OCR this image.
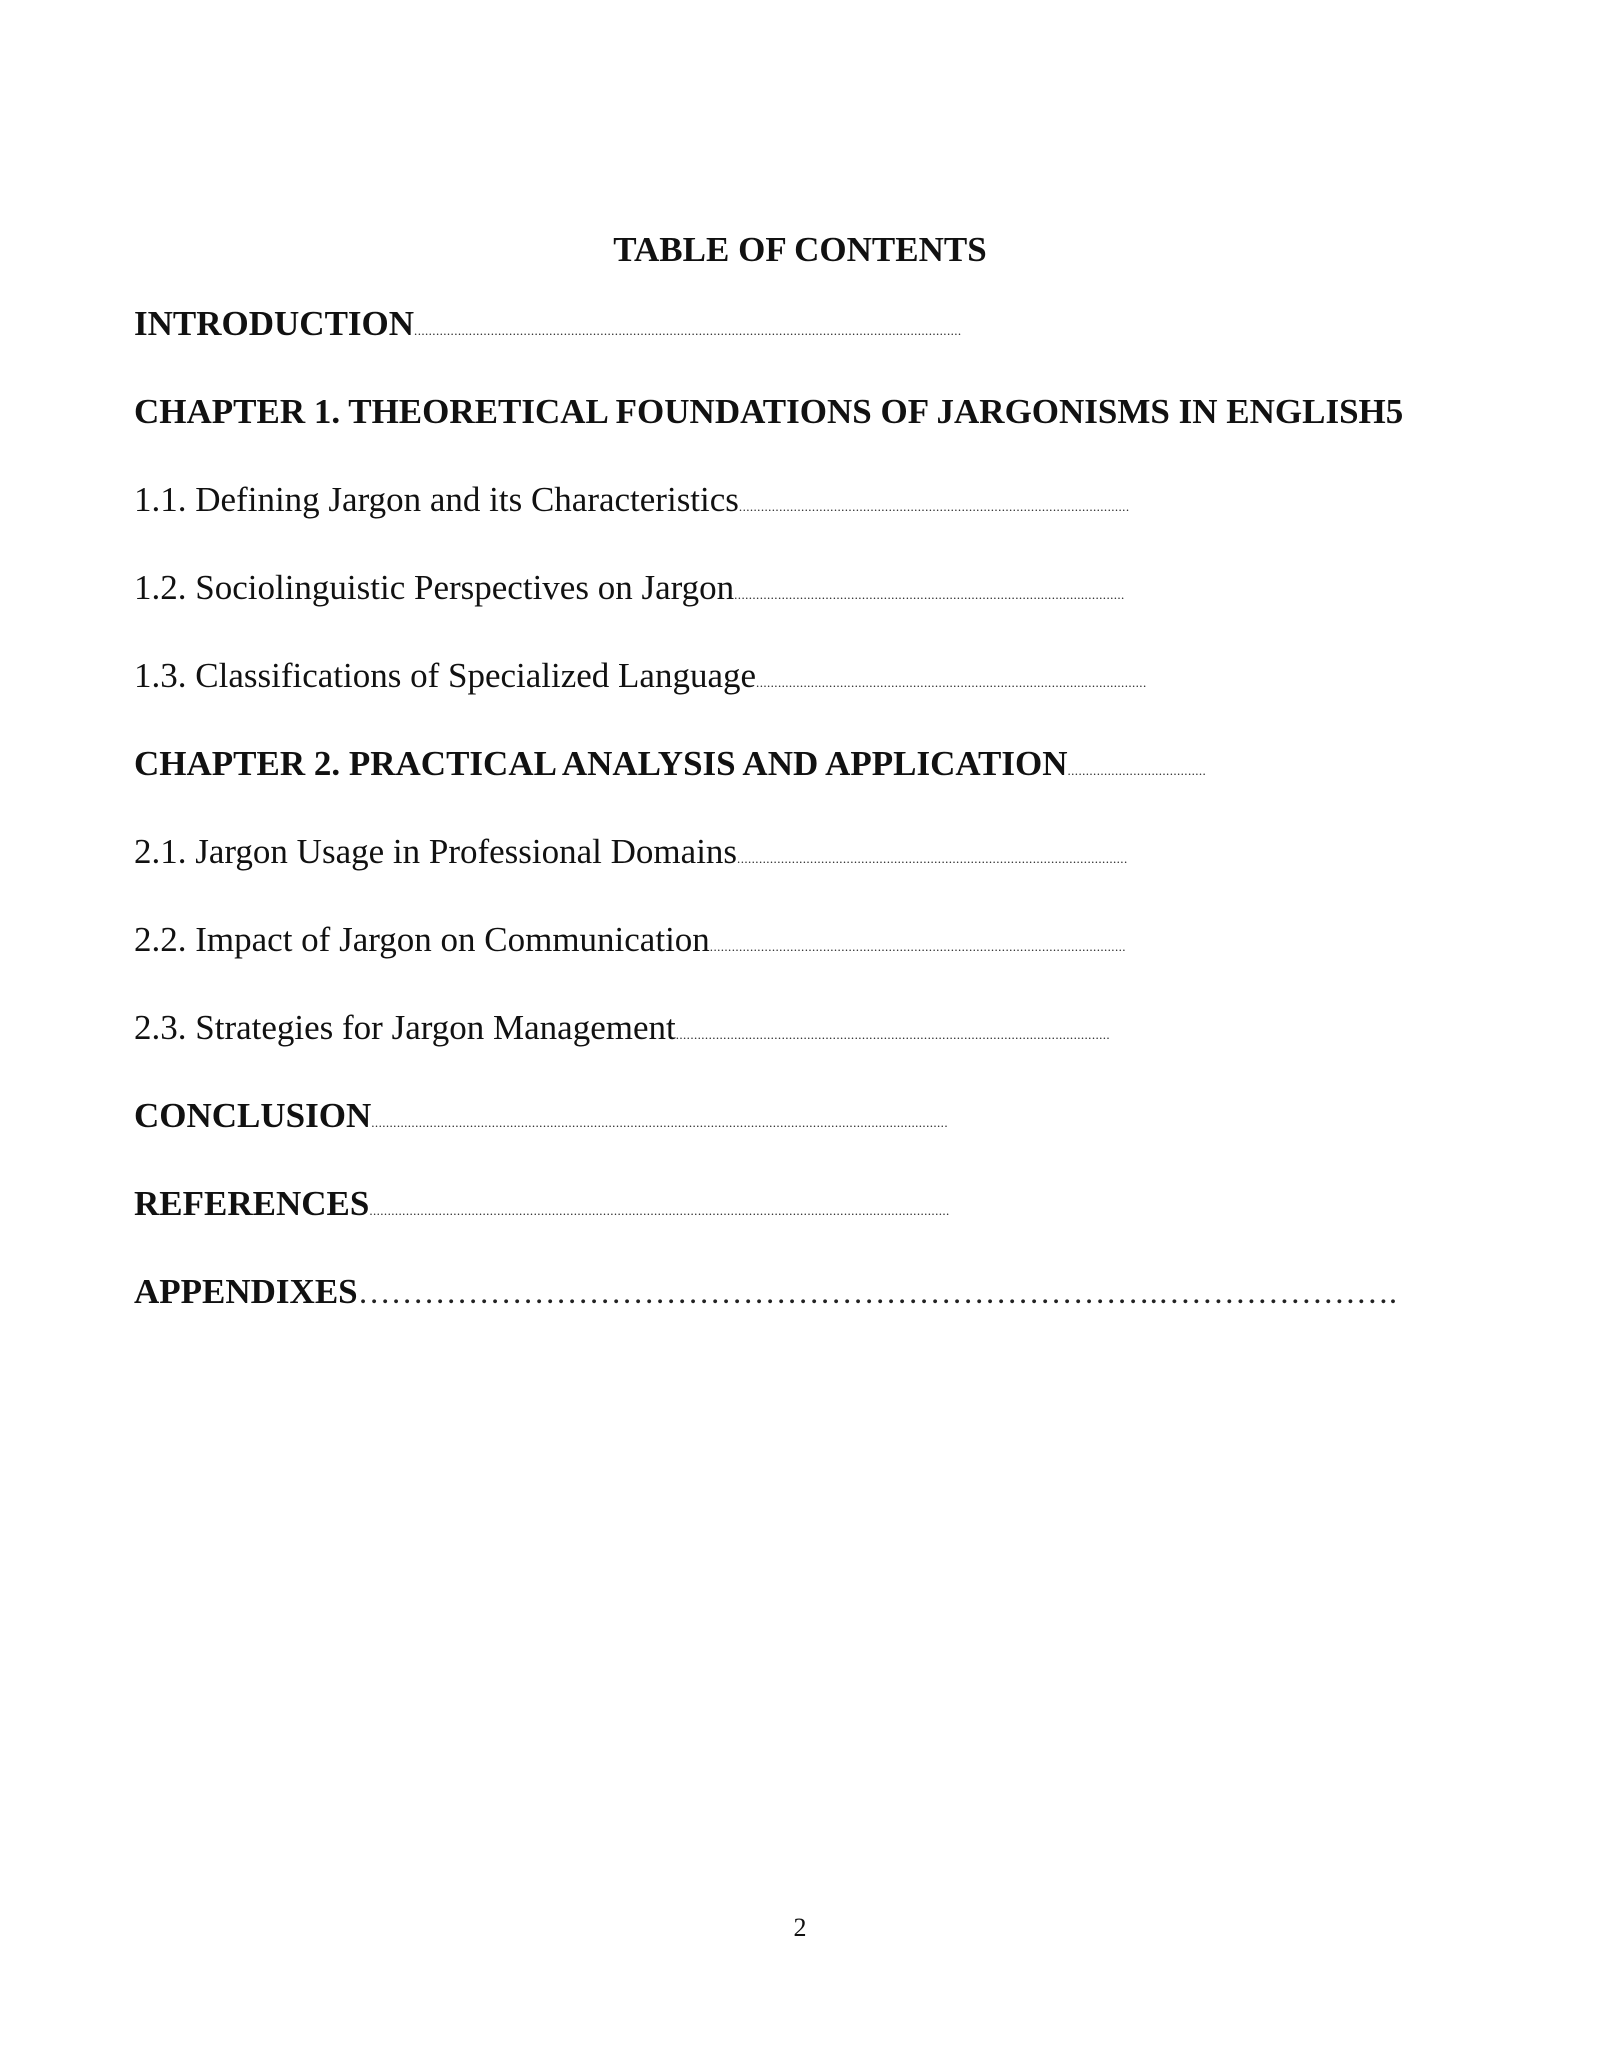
TABLE OF CONTENTS
INTRODUCTION ......................................................................................................................................................
CHAPTER 1. THEORETICAL FOUNDATIONS OF JARGONISMS IN ENGLISH 5
1.1. Defining Jargon and its Characteristics ...........................................................................................................
1.2. Sociolinguistic Perspectives on Jargon ...........................................................................................................
1.3. Classifications of Specialized Language ...........................................................................................................
CHAPTER 2. PRACTICAL ANALYSIS AND APPLICATION ......................................
2.1. Jargon Usage in Professional Domains ...........................................................................................................
2.2. Impact of Jargon on Communication ..................................................................................................................
2.3. Strategies for Jargon Management .......................................................................................................................
CONCLUSION ..............................................................................................................................................................
REFERENCES ...............................................................................................................................................................
APPENDIXES ……………………………………………………………….………………….
2
